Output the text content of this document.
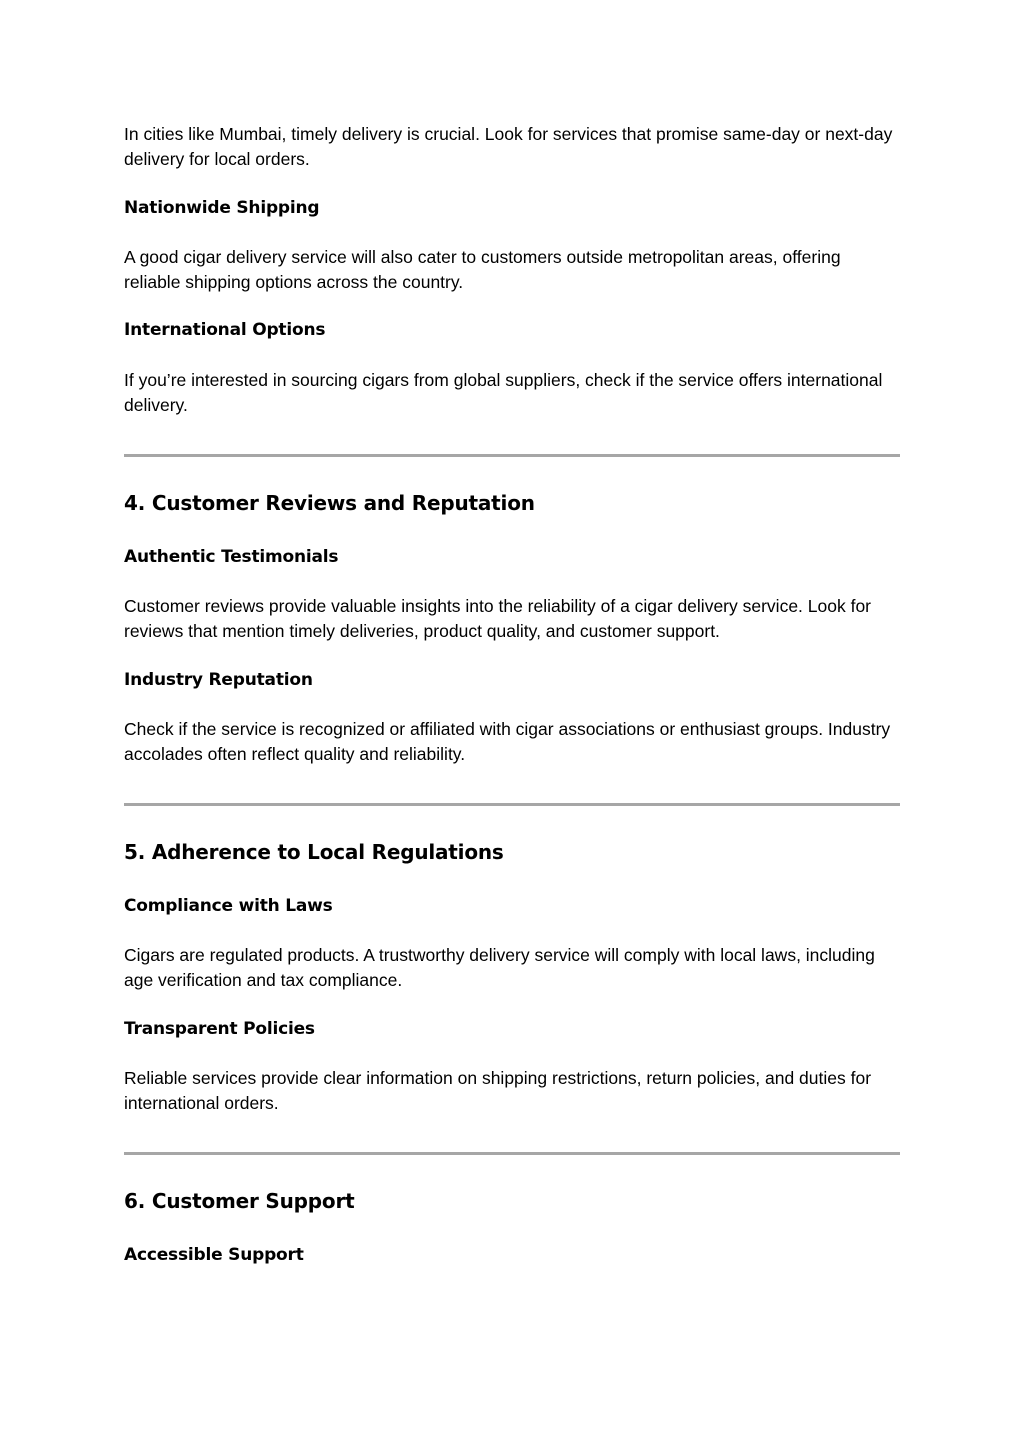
In cities like Mumbai, timely delivery is crucial. Look for services that promise same-day or next-day delivery for local orders.

Nationwide Shipping

A good cigar delivery service will also cater to customers outside metropolitan areas, offering reliable shipping options across the country.

International Options

If you’re interested in sourcing cigars from global suppliers, check if the service offers international delivery.

4. Customer Reviews and Reputation
Authentic Testimonials

Customer reviews provide valuable insights into the reliability of a cigar delivery service. Look for reviews that mention timely deliveries, product quality, and customer support.

Industry Reputation

Check if the service is recognized or affiliated with cigar associations or enthusiast groups. Industry accolades often reflect quality and reliability.

5. Adherence to Local Regulations
Compliance with Laws

Cigars are regulated products. A trustworthy delivery service will comply with local laws, including age verification and tax compliance.

Transparent Policies

Reliable services provide clear information on shipping restrictions, return policies, and duties for international orders.

6. Customer Support
Accessible Support
